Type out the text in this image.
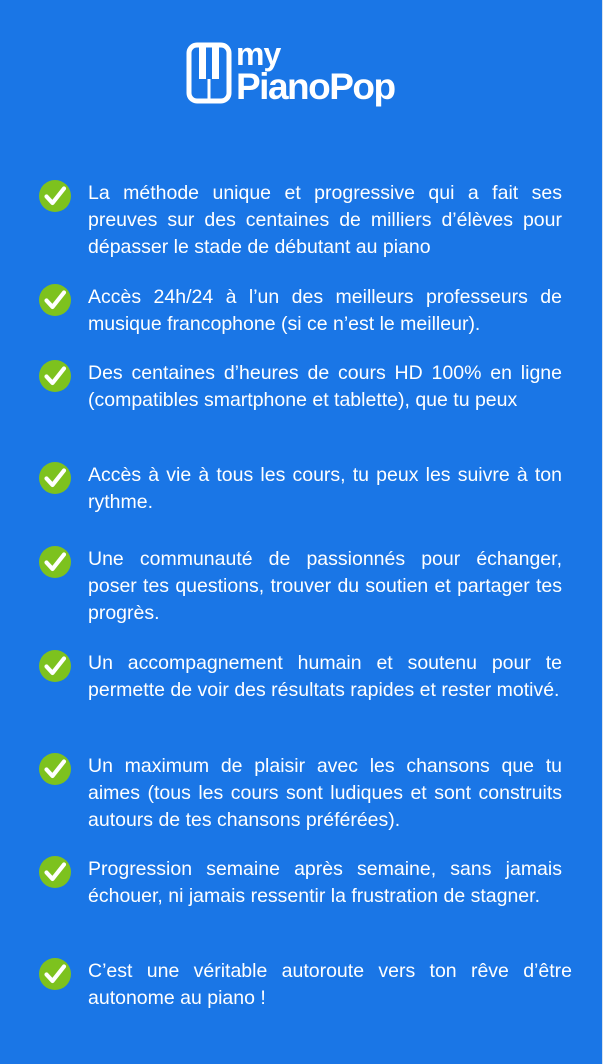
my
PianoPop
La méthode unique et progressive qui a fait ses preuves sur des centaines de milliers d’élèves pour dépasser le stade de débutant au piano
Accès 24h/24 à l’un des meilleurs professeurs de musique francophone (si ce n’est le meilleur).
Des centaines d’heures de cours HD 100% en ligne (compatibles smartphone et tablette), que tu peux
Accès à vie à tous les cours, tu peux les suivre à ton rythme.
Une communauté de passionnés pour échanger, poser tes questions, trouver du soutien et partager tes progrès.
Un accompagnement humain et soutenu pour te permette de voir des résultats rapides et rester motivé.
Un maximum de plaisir avec les chansons que tu aimes (tous les cours sont ludiques et sont construits autours de tes chansons préférées).
Progression semaine après semaine, sans jamais échouer, ni jamais ressentir la frustration de stagner.
C’est une véritable autoroute vers ton rêve d’être autonome au piano !
